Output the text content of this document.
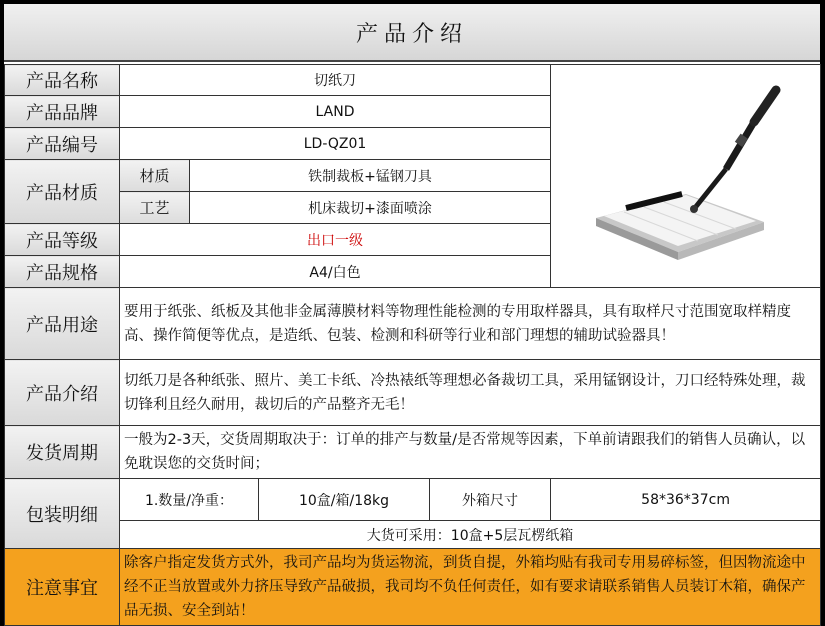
产品介绍
产品名称	切纸刀	

产品品牌	LAND				
产品编号	LD-QZ01				
产品材质	材质	铁制裁板+锰钢刀具			
	工艺	机床裁切+漆面喷涂			
产品等级	出口一级				
产品规格	A4/白色				
产品用途	要用于纸张、纸板及其他非金属薄膜材料等物理性能检测的专用取样器具，具有取样尺寸范围宽取样精度高、操作简便等优点，是造纸、包装、检测和科研等行业和部门理想的辅助试验器具！				
产品介绍	切纸刀是各种纸张、照片、美工卡纸、冷热裱纸等理想必备裁切工具，采用锰钢设计，刀口经特殊处理，裁切锋利且经久耐用，裁切后的产品整齐无毛！				
发货周期	一般为2-3天，交货周期取决于：订单的排产与数量/是否常规等因素，下单前请跟我们的销售人员确认，以免耽误您的交货时间；				
包装明细	1.数量/净重：		10盒/箱/18kg	外箱尺寸	58*36*37cm
	大货可采用：10盒+5层瓦楞纸箱				
注意事宜	除客户指定发货方式外，我司产品均为货运物流，到货自提，外箱均贴有我司专用易碎标签，但因物流途中经不正当放置或外力挤压导致产品破损，我司均不负任何责任，如有要求请联系销售人员装订木箱，确保产品无损、安全到站！				
